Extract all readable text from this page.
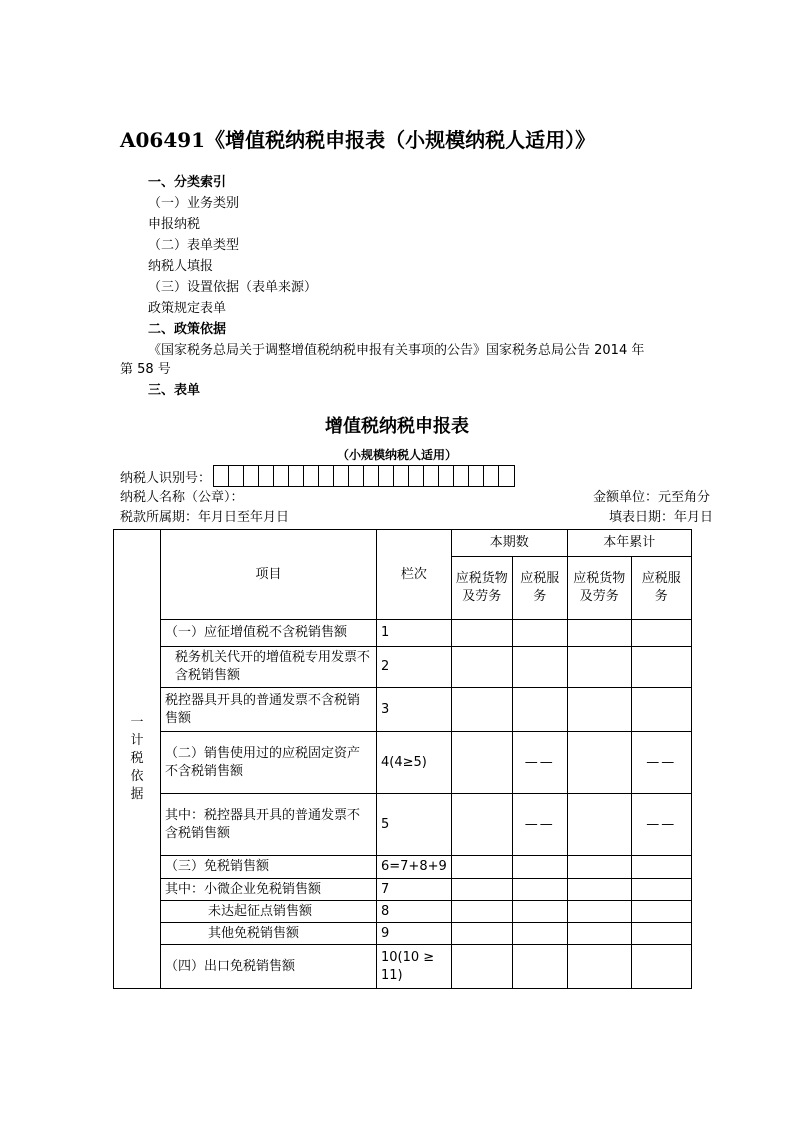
A06491《增值税纳税申报表（小规模纳税人适用）》
一、分类索引
（一）业务类别
申报纳税
（二）表单类型
纳税人填报
（三）设置依据（表单来源）
政策规定表单
二、政策依据
《国家税务总局关于调整增值税纳税申报有关事项的公告》国家税务总局公告 2014 年
第 58 号
三、表单
增值税纳税申报表
（小规模纳税人适用）
纳税人识别号：
纳税人名称（公章）：	金额单位：元至角分
税款所属期：年月日至年月日	填表日期：年月日
一 计税依据	项目	栏次	本期数		本年累计	
			应税货物及劳务	应税服务	应税货物及劳务	应税服务
	（一）应征增值税不含税销售额	1				
	税务机关代开的增值税专用发票不含税销售额	2				
	税控器具开具的普通发票不含税销售额	3				
	（二）销售使用过的应税固定资产不含税销售额	4(4≥5)		——		——
	其中：税控器具开具的普通发票不含税销售额	5		——		——
	（三）免税销售额	6=7+8+9				
	其中：小微企业免税销售额	7				
	未达起征点销售额	8				
	其他免税销售额	9				
	（四）出口免税销售额	10(10 ≥ 11)				
